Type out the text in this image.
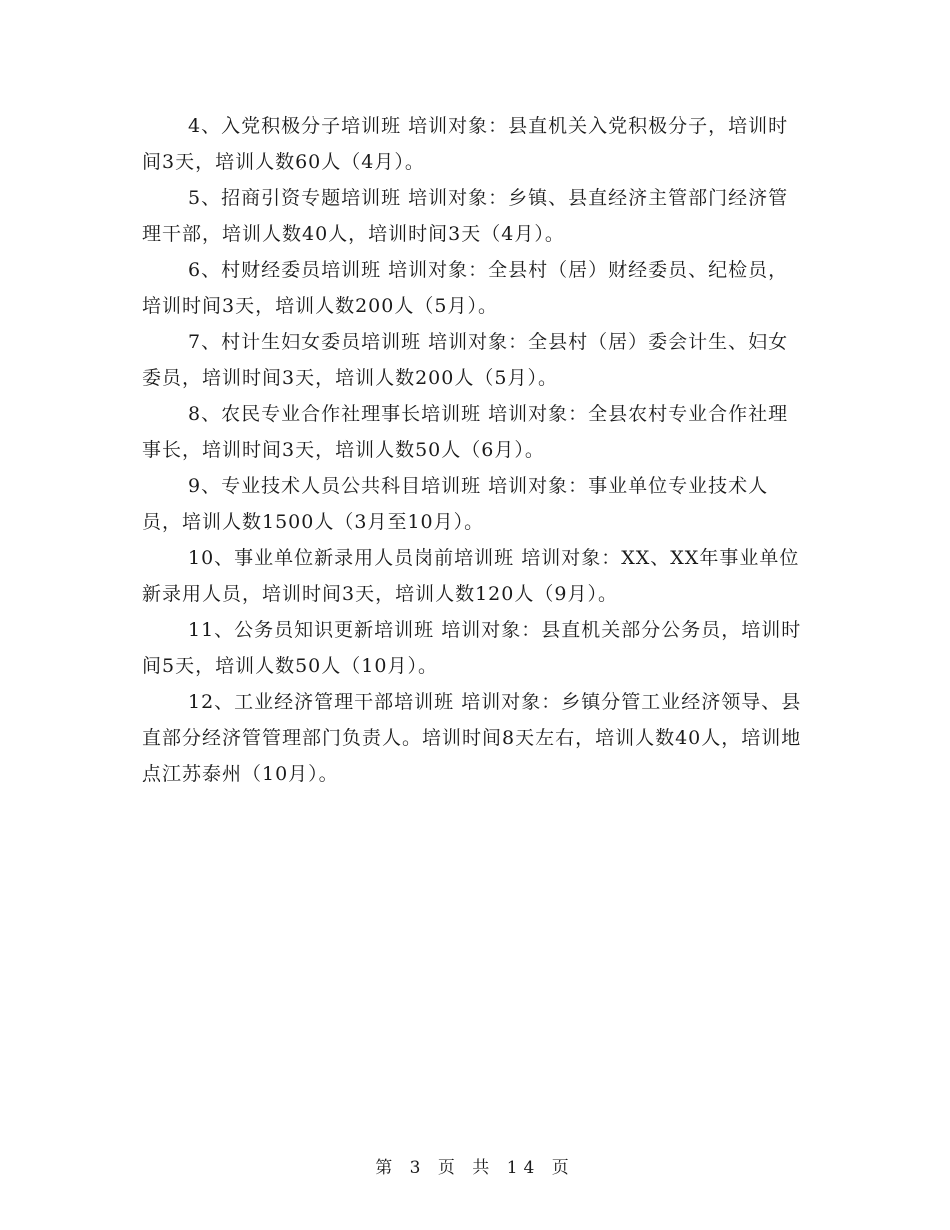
4、入党积极分子培训班 培训对象：县直机关入党积极分子，培训时间3天，培训人数60人（4月）。

5、招商引资专题培训班 培训对象：乡镇、县直经济主管部门经济管理干部，培训人数40人，培训时间3天（4月）。

6、村财经委员培训班 培训对象：全县村（居）财经委员、纪检员，培训时间3天，培训人数200人（5月）。

7、村计生妇女委员培训班 培训对象：全县村（居）委会计生、妇女委员，培训时间3天，培训人数200人（5月）。

8、农民专业合作社理事长培训班 培训对象：全县农村专业合作社理事长，培训时间3天，培训人数50人（6月）。

9、专业技术人员公共科目培训班 培训对象：事业单位专业技术人员，培训人数1500人（3月至10月）。

10、事业单位新录用人员岗前培训班 培训对象：XX、XX年事业单位新录用人员，培训时间3天，培训人数120人（9月）。

11、公务员知识更新培训班 培训对象：县直机关部分公务员，培训时间5天，培训人数50人（10月）。

12、工业经济管理干部培训班 培训对象：乡镇分管工业经济领导、县直部分经济管管理部门负责人。培训时间8天左右，培训人数40人，培训地点江苏泰州（10月）。

第 3 页 共 14 页
